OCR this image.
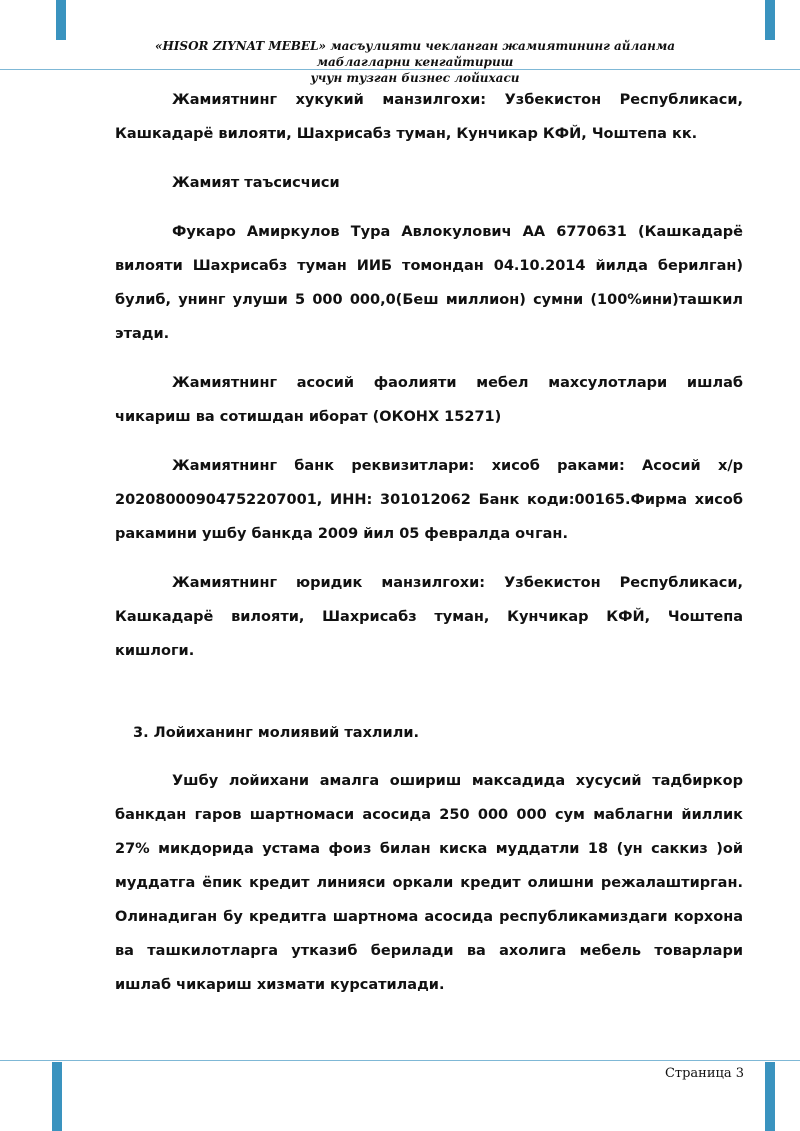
«HISOR ZIYNAT MEBEL» масъулияти чекланган жамиятининг айланма маблагларни кенгайтириш
учун тузган бизнес лойихаси

Жамиятнинг хукукий манзилгохи: Узбекистон Республикаси, Кашкадарё вилояти, Шахрисабз туман, Кунчикар КФЙ, Чоштепа кк.

Жамият таъсисчиси

Фукаро Амиркулов Тура Авлокулович АА 6770631 (Кашкадарё вилояти Шахрисабз туман ИИБ томондан 04.10.2014 йилда берилган) булиб, унинг улуши 5 000 000,0(Беш миллион) сумни (100%ини)ташкил этади.

Жамиятнинг асосий фаолияти мебел махсулотлари ишлаб чикариш ва сотишдан иборат (ОКОНХ 15271)

Жамиятнинг банк реквизитлари: хисоб раками: Асосий х/р 20208000904752207001, ИНН: 301012062 Банк коди:00165.Фирма хисоб ракамини ушбу банкда 2009 йил 05 февралда очган.

Жамиятнинг юридик манзилгохи: Узбекистон Республикаси, Кашкадарё вилояти, Шахрисабз туман, Кунчикар КФЙ, Чоштепа кишлоги.

3. Лойиханинг молиявий тахлили.

Ушбу лойихани амалга ошириш максадида хусусий тадбиркор банкдан гаров шартномаси асосида 250 000 000 сум маблагни йиллик 27% микдорида устама фоиз билан киска муддатли 18 (ун саккиз )ой муддатга ёпик кредит линияси оркали кредит олишни режалаштирган. Олинадиган бу кредитга шартнома асосида республикамиздаги корхона ва ташкилотларга утказиб берилади ва ахолига мебель товарлари ишлаб чикариш хизмати курсатилади.

Страница 3
